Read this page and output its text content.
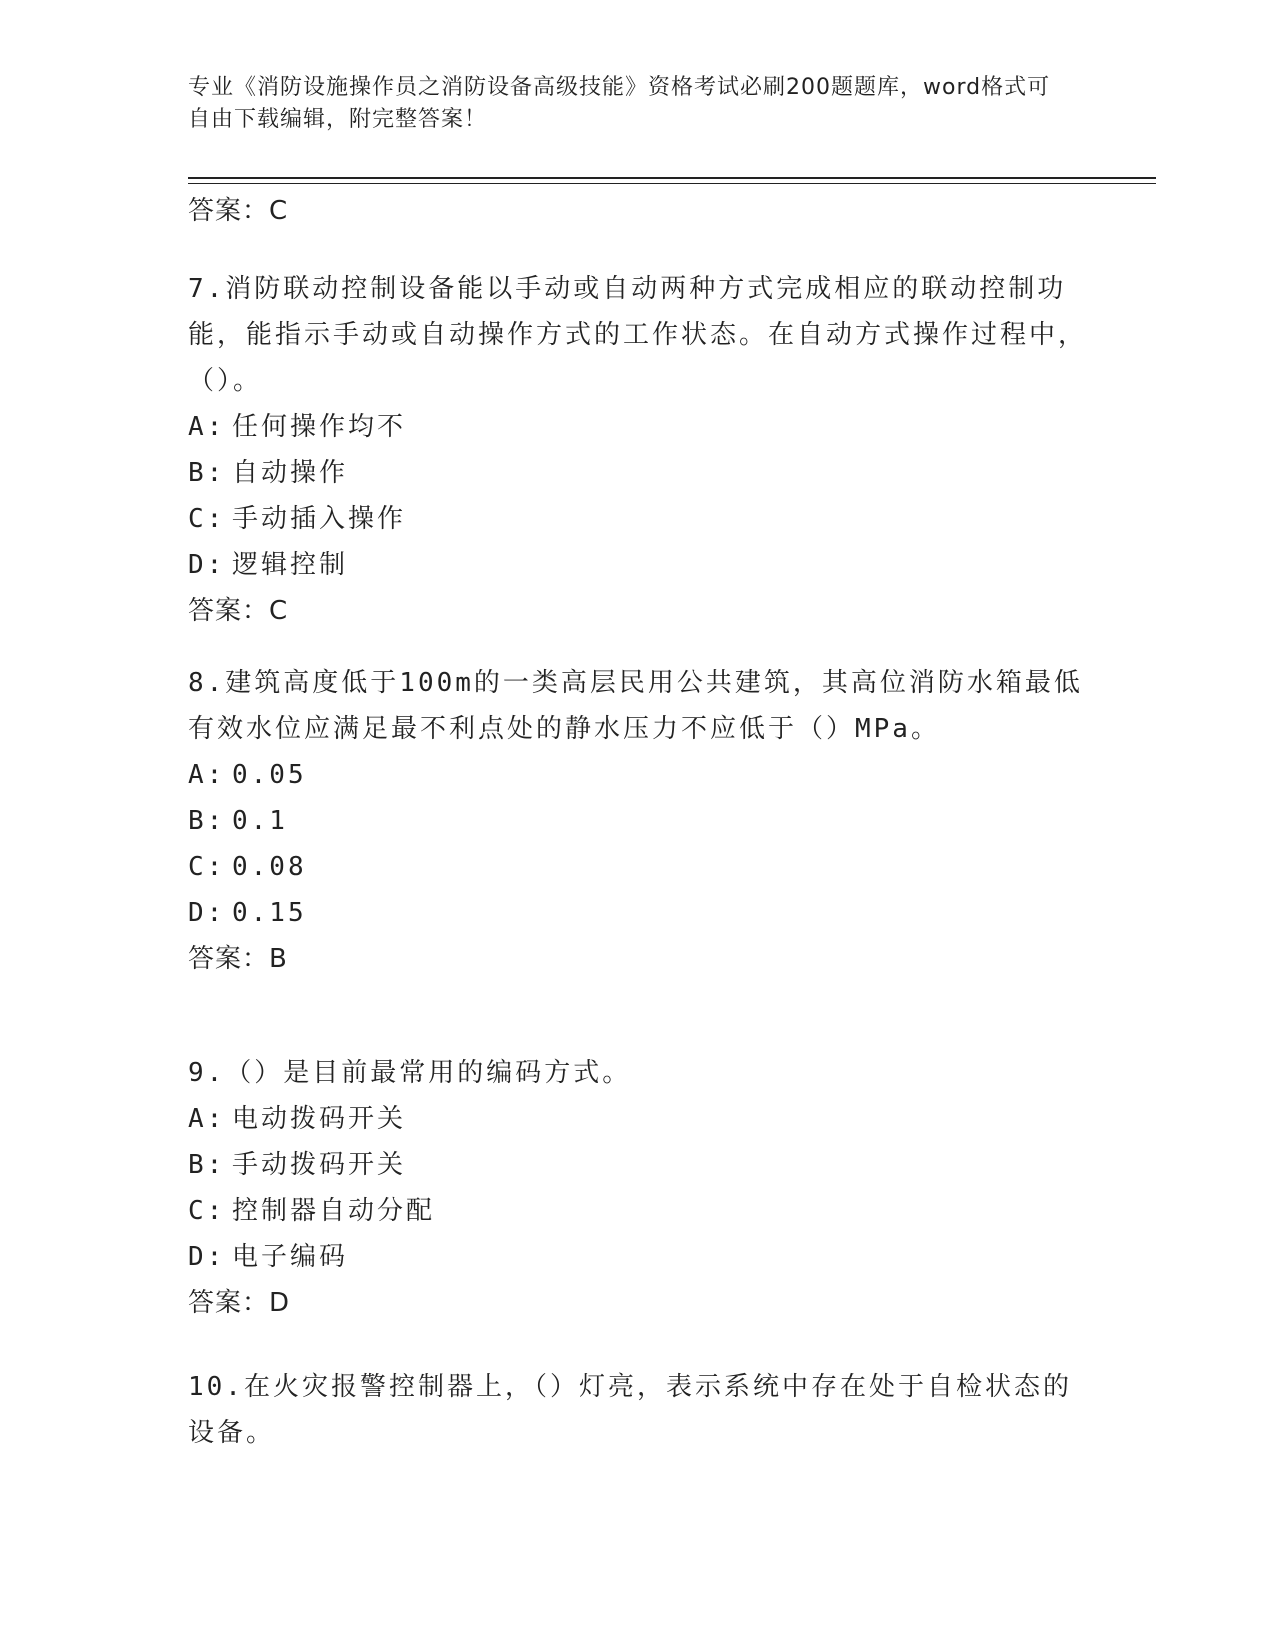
专业《消防设施操作员之消防设备高级技能》资格考试必刷200题题库，word格式可自由下载编辑，附完整答案！
答案：C

7.消防联动控制设备能以手动或自动两种方式完成相应的联动控制功能，能指示手动或自动操作方式的工作状态。在自动方式操作过程中，（）。

A: 任何操作均不
B: 自动操作
C: 手动插入操作
D: 逻辑控制
答案：C

8.建筑高度低于100m的一类高层民用公共建筑，其高位消防水箱最低有效水位应满足最不利点处的静水压力不应低于（）MPa。

A: 0.05
B: 0.1
C: 0.08
D: 0.15
答案：B

9.（）是目前最常用的编码方式。

A: 电动拨码开关
B: 手动拨码开关
C: 控制器自动分配
D: 电子编码
答案：D

10.在火灾报警控制器上，（）灯亮，表示系统中存在处于自检状态的设备。
